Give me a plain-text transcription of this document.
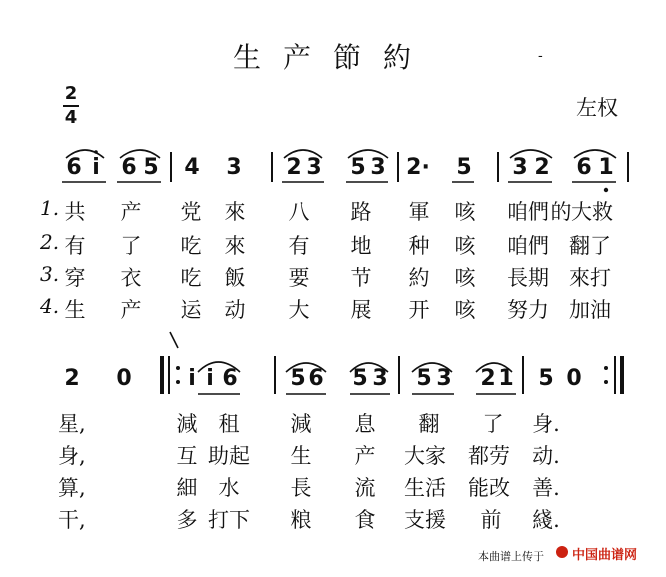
生产節約	-
左权
2
4
6 i 6 5 4 3 2 3 5 3 2· 5 3 2 6 1
1.
2.
3.
4.
共 产 党 來 八 路 軍 咳 咱們 的 大救
有 了 吃 來 有 地 种 咳 咱們 翻了
穿 衣 吃 飯 要 节 約 咳 長期 來打
生 产 运 动 大 展 开 咳 努力 加油
2 0	i i 6 5 6 5 3 5 3 2 1 5 0
星,	減 租 減 息 翻 了 身.
身,	互 助起 生 产 大家 都劳 动.
算,	細 水 長 流 生活 能改 善.
干,	多 打下 粮 食 支援 前 綫.
本曲谱上传于 中国曲谱网
